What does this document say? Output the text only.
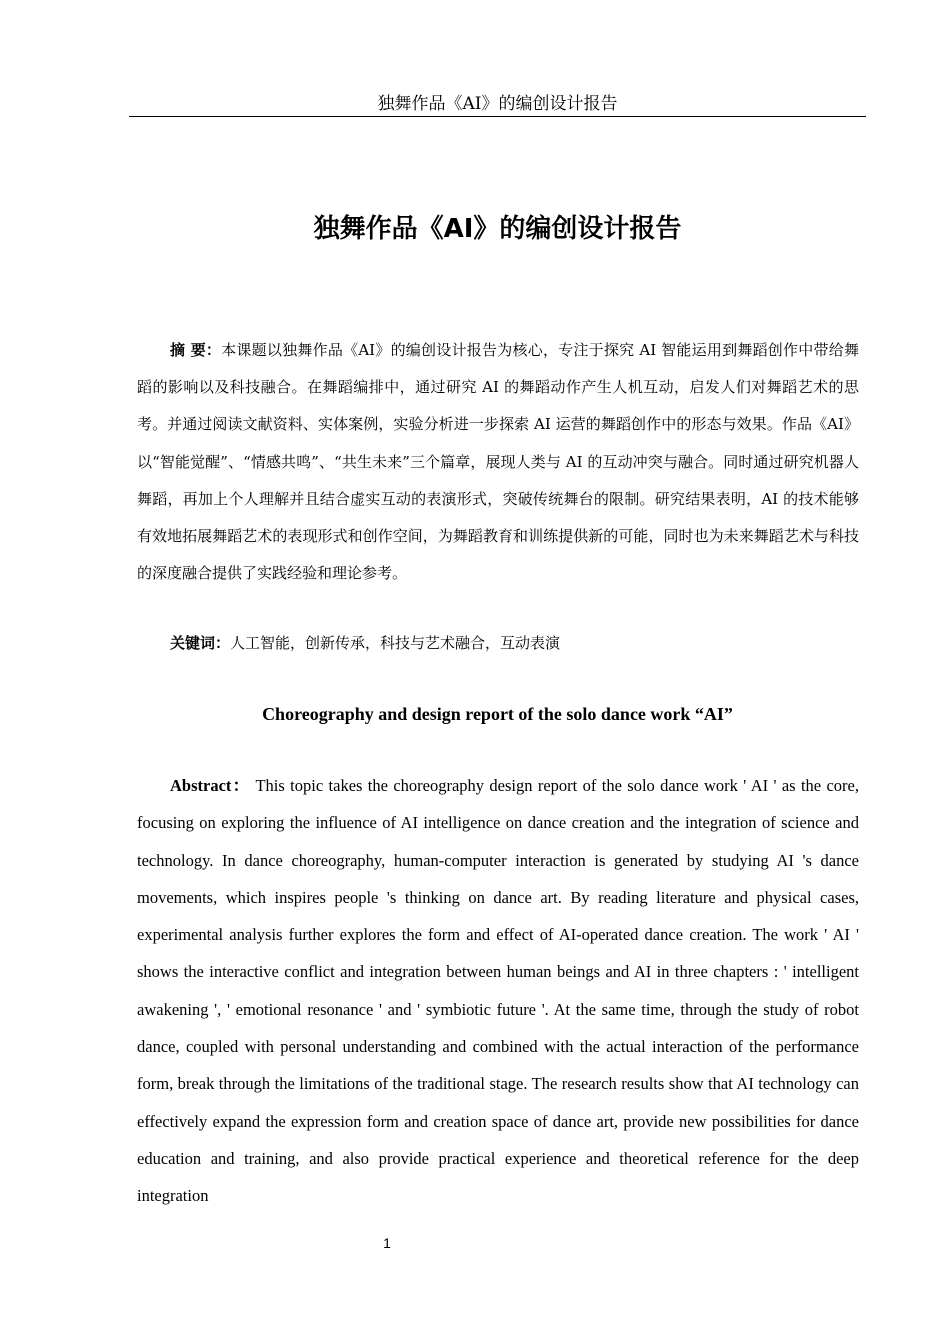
独舞作品《AI》的编创设计报告
独舞作品《AI》的编创设计报告

摘 要：本课题以独舞作品《AI》的编创设计报告为核心，专注于探究 AI 智能运用到舞蹈创作中带给舞蹈的影响以及科技融合。在舞蹈编排中，通过研究 AI 的舞蹈动作产生人机互动，启发人们对舞蹈艺术的思考。并通过阅读文献资料、实体案例，实验分析进一步探索 AI 运营的舞蹈创作中的形态与效果。作品《AI》以“智能觉醒”、“情感共鸣”、“共生未来”三个篇章，展现人类与 AI 的互动冲突与融合。同时通过研究机器人舞蹈，再加上个人理解并且结合虚实互动的表演形式，突破传统舞台的限制。研究结果表明，AI 的技术能够有效地拓展舞蹈艺术的表现形式和创作空间，为舞蹈教育和训练提供新的可能，同时也为未来舞蹈艺术与科技的深度融合提供了实践经验和理论参考。

关键词：人工智能，创新传承，科技与艺术融合，互动表演

Choreography and design report of the solo dance work “AI”

Abstract： This topic takes the choreography design report of the solo dance work ' AI ' as the core, focusing on exploring the influence of AI intelligence on dance creation and the integration of science and technology. In dance choreography, human-computer interaction is generated by studying AI 's dance movements, which inspires people 's thinking on dance art. By reading literature and physical cases, experimental analysis further explores the form and effect of AI-operated dance creation. The work ' AI ' shows the interactive conflict and integration between human beings and AI in three chapters : ' intelligent awakening ', ' emotional resonance ' and ' symbiotic future '. At the same time, through the study of robot dance, coupled with personal understanding and combined with the actual interaction of the performance form, break through the limitations of the traditional stage. The research results show that AI technology can effectively expand the expression form and creation space of dance art, provide new possibilities for dance education and training, and also provide practical experience and theoretical reference for the deep integration

1
